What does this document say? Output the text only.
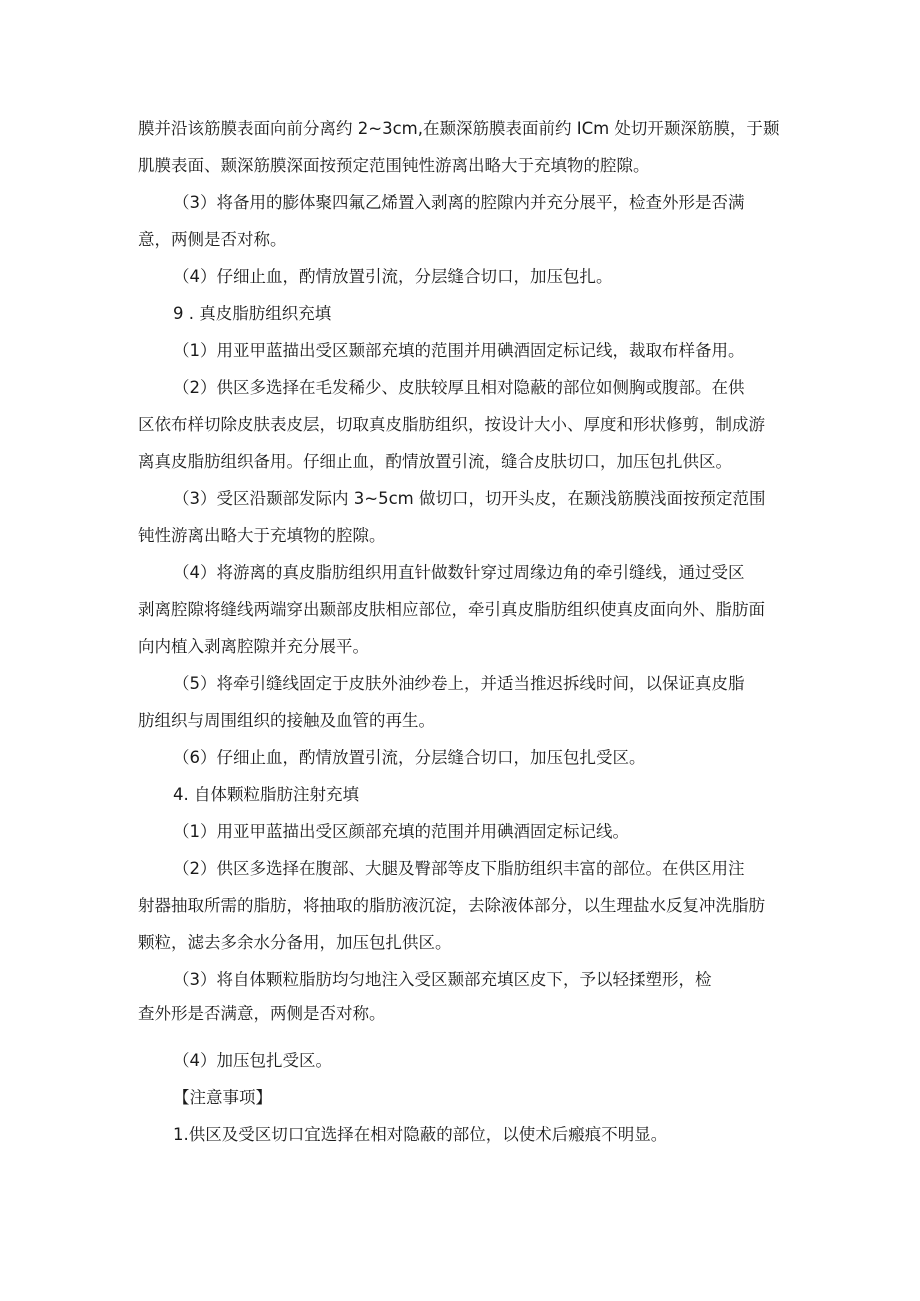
膜并沿该筋膜表面向前分离约 2~3cm,在颞深筋膜表面前约 ICm 处切开颞深筋膜，于颞
肌膜表面、颞深筋膜深面按预定范围钝性游离出略大于充填物的腔隙。
（3）将备用的膨体聚四氟乙烯置入剥离的腔隙内并充分展平，检查外形是否满
意，两侧是否对称。
（4）仔细止血，酌情放置引流，分层缝合切口，加压包扎。
9 . 真皮脂肪组织充填
（1）用亚甲蓝描出受区颞部充填的范围并用碘酒固定标记线，裁取布样备用。
（2）供区多选择在毛发稀少、皮肤较厚且相对隐蔽的部位如侧胸或腹部。在供
区依布样切除皮肤表皮层，切取真皮脂肪组织，按设计大小、厚度和形状修剪，制成游
离真皮脂肪组织备用。仔细止血，酌情放置引流，缝合皮肤切口，加压包扎供区。
（3）受区沿颞部发际内 3~5cm 做切口，切开头皮，在颞浅筋膜浅面按预定范围
钝性游离出略大于充填物的腔隙。
（4）将游离的真皮脂肪组织用直针做数针穿过周缘边角的牵引缝线，通过受区
剥离腔隙将缝线两端穿出颞部皮肤相应部位，牵引真皮脂肪组织使真皮面向外、脂肪面
向内植入剥离腔隙并充分展平。
（5）将牵引缝线固定于皮肤外油纱卷上，并适当推迟拆线时间，以保证真皮脂
肪组织与周围组织的接触及血管的再生。
（6）仔细止血，酌情放置引流，分层缝合切口，加压包扎受区。
4. 自体颗粒脂肪注射充填
（1）用亚甲蓝描出受区颜部充填的范围并用碘酒固定标记线。
（2）供区多选择在腹部、大腿及臀部等皮下脂肪组织丰富的部位。在供区用注
射器抽取所需的脂肪，将抽取的脂肪液沉淀，去除液体部分，以生理盐水反复冲洗脂肪
颗粒，滤去多余水分备用，加压包扎供区。
（3）将自体颗粒脂肪均匀地注入受区颞部充填区皮下，予以轻揉塑形，检
查外形是否满意，两侧是否对称。
（4）加压包扎受区。
【注意事项】
1.供区及受区切口宜选择在相对隐蔽的部位，以使术后瘢痕不明显。
